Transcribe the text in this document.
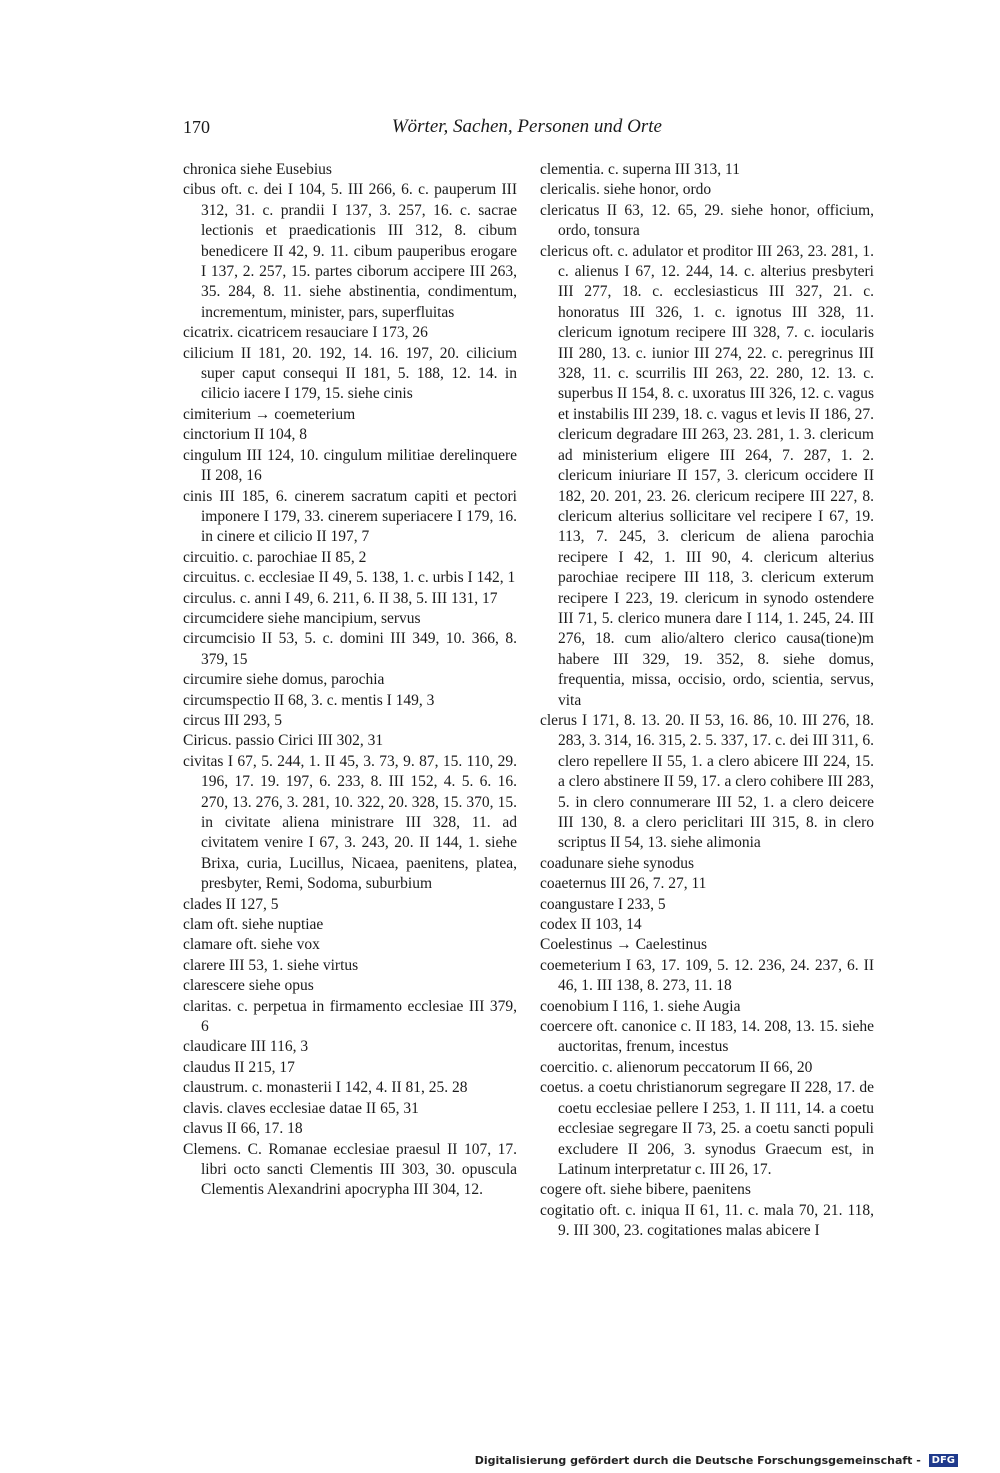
170	Wörter, Sachen, Personen und Orte

chronica siehe Eusebius

cibus oft. c. dei I 104, 5. III 266, 6. c. pauperum III 312, 31. c. prandii I 137, 3. 257, 16. c. sacrae lectionis et praedicationis III 312, 8. cibum benedicere II 42, 9. 11. cibum pauperibus erogare I 137, 2. 257, 15. partes ciborum accipere III 263, 35. 284, 8. 11. siehe abstinentia, condimentum, incrementum, minister, pars, superfluitas

cicatrix. cicatricem resauciare I 173, 26

cilicium II 181, 20. 192, 14. 16. 197, 20. cilicium super caput consequi II 181, 5. 188, 12. 14. in cilicio iacere I 179, 15. siehe cinis

cimiterium → coemeterium

cinctorium II 104, 8

cingulum III 124, 10. cingulum militiae derelinquere II 208, 16

cinis III 185, 6. cinerem sacratum capiti et pectori imponere I 179, 33. cinerem superiacere I 179, 16. in cinere et cilicio II 197, 7

circuitio. c. parochiae II 85, 2

circuitus. c. ecclesiae II 49, 5. 138, 1. c. urbis I 142, 1

circulus. c. anni I 49, 6. 211, 6. II 38, 5. III 131, 17

circumcidere siehe mancipium, servus

circumcisio II 53, 5. c. domini III 349, 10. 366, 8. 379, 15

circumire siehe domus, parochia

circumspectio II 68, 3. c. mentis I 149, 3

circus III 293, 5

Ciricus. passio Cirici III 302, 31

civitas I 67, 5. 244, 1. II 45, 3. 73, 9. 87, 15. 110, 29. 196, 17. 19. 197, 6. 233, 8. III 152, 4. 5. 6. 16. 270, 13. 276, 3. 281, 10. 322, 20. 328, 15. 370, 15. in civitate aliena ministrare III 328, 11. ad civitatem venire I 67, 3. 243, 20. II 144, 1. siehe Brixa, curia, Lucillus, Nicaea, paenitens, platea, presbyter, Remi, Sodoma, suburbium

clades II 127, 5

clam oft. siehe nuptiae

clamare oft. siehe vox

clarere III 53, 1. siehe virtus

clarescere siehe opus

claritas. c. perpetua in firmamento ecclesiae III 379, 6

claudicare III 116, 3

claudus II 215, 17

claustrum. c. monasterii I 142, 4. II 81, 25. 28

clavis. claves ecclesiae datae II 65, 31

clavus II 66, 17. 18

Clemens. C. Romanae ecclesiae praesul II 107, 17. libri octo sancti Clementis III 303, 30. opuscula Clementis Alexandrini apocrypha III 304, 12.

clementia. c. superna III 313, 11

clericalis. siehe honor, ordo

clericatus II 63, 12. 65, 29. siehe honor, officium, ordo, tonsura

clericus oft. c. adulator et proditor III 263, 23. 281, 1. c. alienus I 67, 12. 244, 14. c. alterius presbyteri III 277, 18. c. ecclesiasticus III 327, 21. c. honoratus III 326, 1. c. ignotus III 328, 11. clericum ignotum recipere III 328, 7. c. iocularis III 280, 13. c. iunior III 274, 22. c. peregrinus III 328, 11. c. scurrilis III 263, 22. 280, 12. 13. c. superbus II 154, 8. c. uxoratus III 326, 12. c. vagus et instabilis III 239, 18. c. vagus et levis II 186, 27. clericum degradare III 263, 23. 281, 1. 3. clericum ad ministerium eligere III 264, 7. 287, 1. 2. clericum iniuriare II 157, 3. clericum occidere II 182, 20. 201, 23. 26. clericum recipere III 227, 8. clericum alterius sollicitare vel recipere I 67, 19. 113, 7. 245, 3. clericum de aliena parochia recipere I 42, 1. III 90, 4. clericum alterius parochiae recipere III 118, 3. clericum exterum recipere I 223, 19. clericum in synodo ostendere III 71, 5. clerico munera dare I 114, 1. 245, 24. III 276, 18. cum alio/altero clerico causa(tione)m habere III 329, 19. 352, 8. siehe domus, frequentia, missa, occisio, ordo, scientia, servus, vita

clerus I 171, 8. 13. 20. II 53, 16. 86, 10. III 276, 18. 283, 3. 314, 16. 315, 2. 5. 337, 17. c. dei III 311, 6. clero repellere II 55, 1. a clero abicere III 224, 15. a clero abstinere II 59, 17. a clero cohibere III 283, 5. in clero connumerare III 52, 1. a clero deicere III 130, 8. a clero periclitari III 315, 8. in clero scriptus II 54, 13. siehe alimonia

coadunare siehe synodus

coaeternus III 26, 7. 27, 11

coangustare I 233, 5

codex II 103, 14

Coelestinus → Caelestinus

coemeterium I 63, 17. 109, 5. 12. 236, 24. 237, 6. II 46, 1. III 138, 8. 273, 11. 18

coenobium I 116, 1. siehe Augia

coercere oft. canonice c. II 183, 14. 208, 13. 15. siehe auctoritas, frenum, incestus

coercitio. c. alienorum peccatorum II 66, 20

coetus. a coetu christianorum segregare II 228, 17. de coetu ecclesiae pellere I 253, 1. II 111, 14. a coetu ecclesiae segregare II 73, 25. a coetu sancti populi excludere II 206, 3. synodus Graecum est, in Latinum interpretatur c. III 26, 17.

cogere oft. siehe bibere, paenitens

cogitatio oft. c. iniqua II 61, 11. c. mala 70, 21. 118, 9. III 300, 23. cogitationes malas abicere I

Digitalisierung gefördert durch die Deutsche Forschungsgemeinschaft - DFG
